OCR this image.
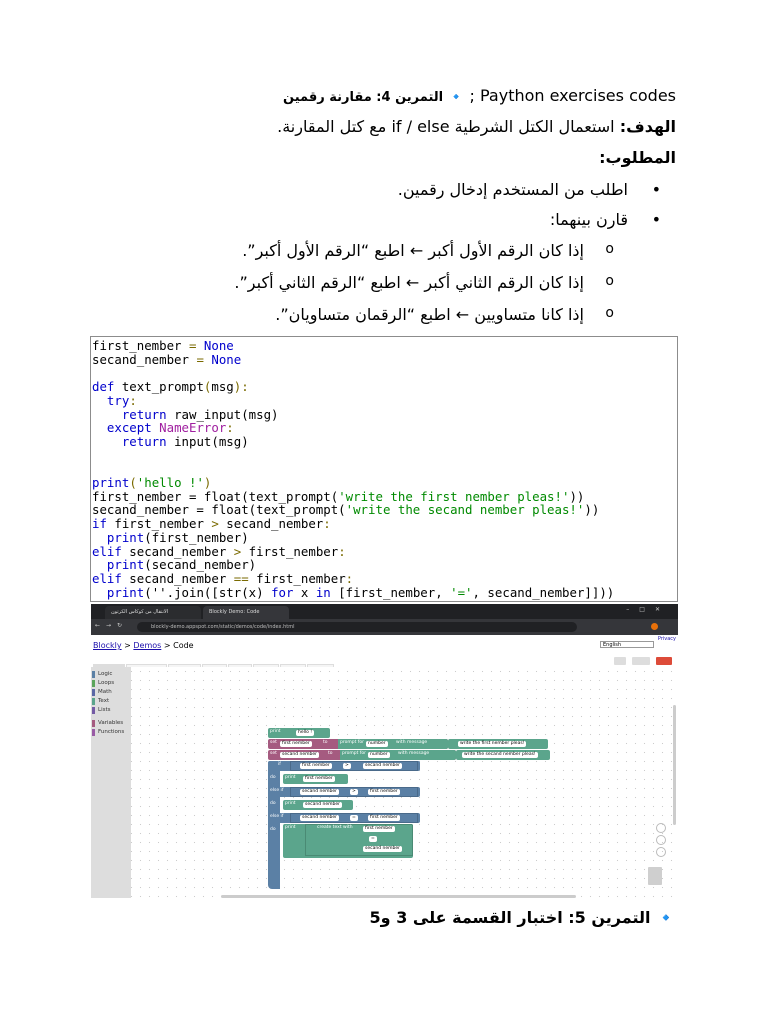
التمرين 4: مقارنة رقمين 🔹 ; Paython exercises codes
الهدف: استعمال الكتل الشرطية if / else مع كتل المقارنة.
المطلوب:
•
اطلب من المستخدم إدخال رقمين.
•
قارن بينهما:
o
إذا كان الرقم الأول أكبر ← اطبع “الرقم الأول أكبر”.
o
إذا كان الرقم الثاني أكبر ← اطبع “الرقم الثاني أكبر”.
o
إذا كانا متساويين ← اطبع “الرقمان متساويان”.
first_nember = None
secand_nember = None

def text_prompt(msg):
try:
return raw_input(msg)
except NameError:
return input(msg)

print('hello !')
first_nember = float(text_prompt('write the first nember pleas!'))
secand_nember = float(text_prompt('write the secand nember pleas!'))
if first_nember > secand_nember:
print(first_nember)
elif secand_nember > first_nember:
print(secand_nember)
elif secand_nember == first_nember:
print(''.join([str(x) for x in [first_nember, '=', secand_nember]]))
الانتقال من كوكاس الكرتون	Blockly Demo: Code	–□✕
←→↻	blockly-demo.appspot.com/static/demos/code/index.html
Privacy
Blockly > Demos > Code	English
Logic
Loops
Math
Text
Lists
Variables
Functions	print	hello !
set	first nember	to	prompt for number	with message	write the first nember pleas!
set	secand nember	to prompt for number	with message	write the secand nember pleas!
if	first nember	>	secand nember
do	print	first nember
else if	secand nember	>	first nember
do	print	secand nember
else if	secand nember	=	first nember
do	print	create text with	first nember
=
secand nember
🔹 التمرين 5: اختبار القسمة على 3 و5
